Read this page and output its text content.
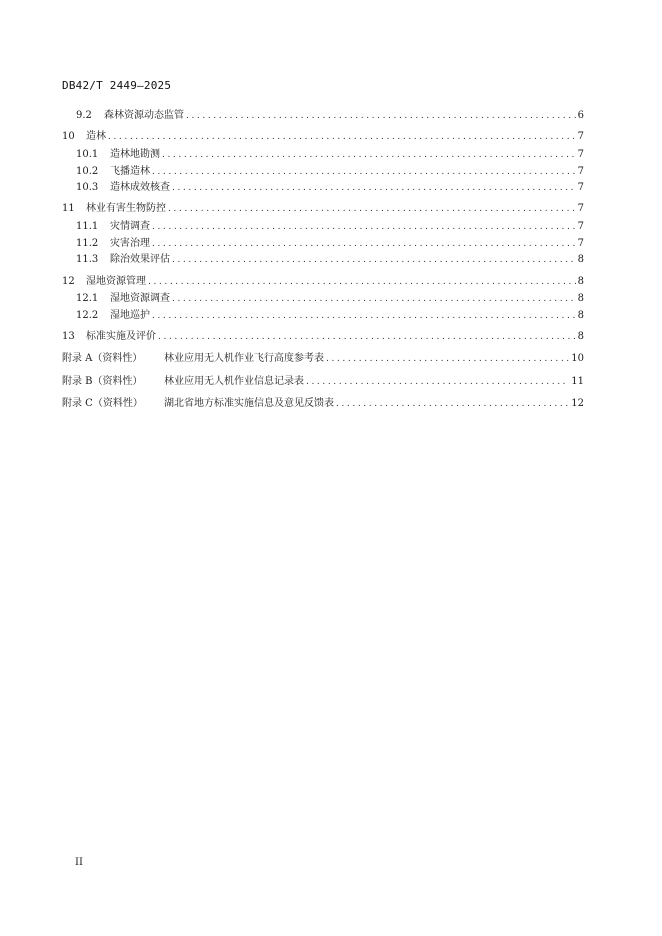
DB42/T 2449—2025
9.2	森林资源动态监管 .....	6
10	造林 .....	7
10.1	造林地勘测 .....	7
10.2	飞播造林 .....	7
10.3	造林成效核查 .....	7
11	林业有害生物防控 .....	7
11.1	灾情调查 .....	7
11.2	灾害治理 .....	7
11.3	除治效果评估 .....	8
12	湿地资源管理 .....	8
12.1	湿地资源调查 .....	8
12.2	湿地巡护 .....	8
13	标准实施及评价 .....	8
附录 A（资料性）	林业应用无人机作业飞行高度参考表 .....	10
附录 B（资料性）	林业应用无人机作业信息记录表 .....	11
附录 C（资料性）	湖北省地方标准实施信息及意见反馈表 .....	12
II
